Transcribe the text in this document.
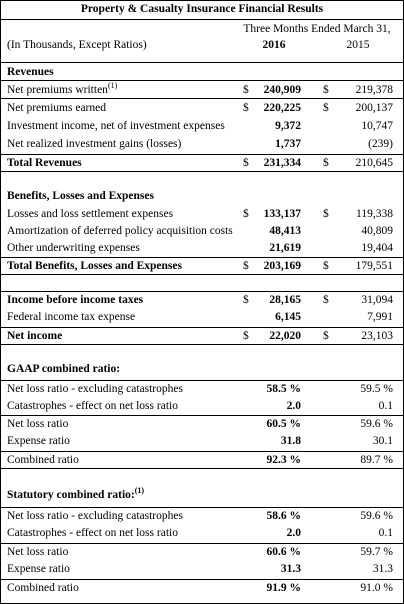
Property & Casualty Insurance Financial Results
Three Months Ended March 31,
(In Thousands, Except Ratios)	2016	2015
Revenues
Net premiums written$^{(1)}$	$ 240,909 $ 219,378
Net premiums earned	$ 220,225 $ 200,137
Investment income, net of investment expenses	9,372	10,747
Net realized investment gains (losses)	1,737	(239)
Total Revenues	$ 231,334 $ 210,645
Benefits, Losses and Expenses
Losses and loss settlement expenses	$ 133,137 $ 119,338
Amortization of deferred policy acquisition costs	48,413	40,809
Other underwriting expenses	21,619	19,404
Total Benefits, Losses and Expenses	$ 203,169 $ 179,551
Income before income taxes	$ 28,165 $	31,094
Federal income tax expense	6,145	7,991
Net income	$ 22,020 $	23,103
GAAP combined ratio:
Net loss ratio - excluding catastrophes	58.5 %	59.5 %
Catastrophes - effect on net loss ratio	2.0	0.1
Net loss ratio	60.5 %	59.6 %
Expense ratio	31.8	30.1
Combined ratio	92.3 %	89.7 %
Statutory combined ratio:$^{(1)}$
Net loss ratio - excluding catastrophes	58.6 %	59.6 %
Catastrophes - effect on net loss ratio	2.0	0.1
Net loss ratio	60.6 %	59.7 %
Expense ratio	31.3	31.3
Combined ratio	91.9 %	91.0 %
